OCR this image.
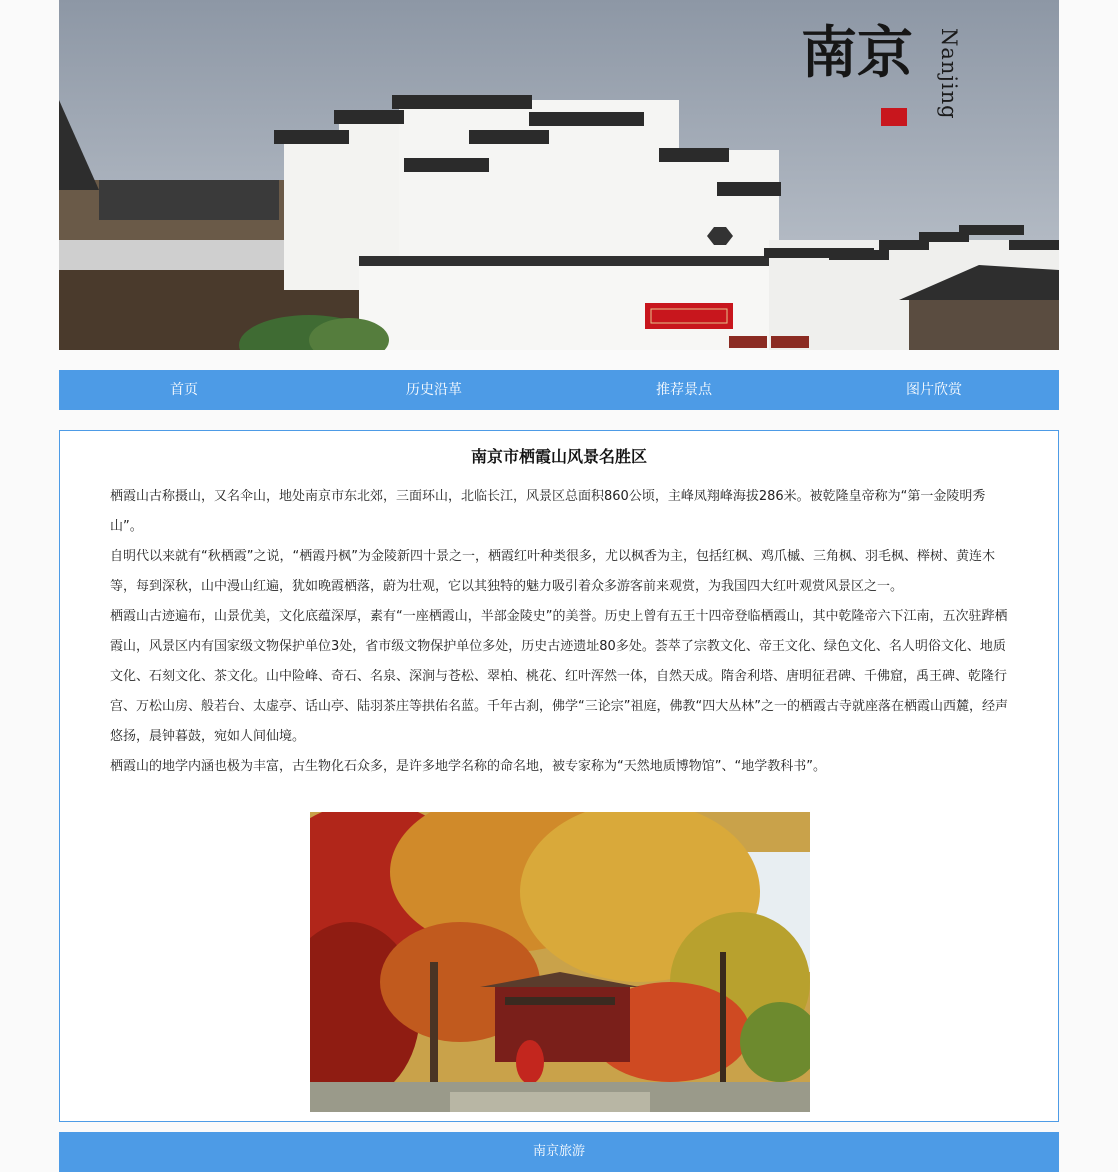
南京 Nanjing
首页	历史沿革	推荐景点	图片欣赏
南京市栖霞山风景名胜区

栖霞山古称摄山，又名伞山，地处南京市东北郊，三面环山，北临长江，风景区总面积860公顷，主峰凤翔峰海拔286米。被乾隆皇帝称为“第一金陵明秀山”。

自明代以来就有“秋栖霞”之说，“栖霞丹枫”为金陵新四十景之一，栖霞红叶种类很多，尤以枫香为主，包括红枫、鸡爪槭、三角枫、羽毛枫、榉树、黄连木等，每到深秋，山中漫山红遍，犹如晚霞栖落，蔚为壮观，它以其独特的魅力吸引着众多游客前来观赏，为我国四大红叶观赏风景区之一。

栖霞山古迹遍布，山景优美，文化底蕴深厚，素有“一座栖霞山，半部金陵史”的美誉。历史上曾有五王十四帝登临栖霞山，其中乾隆帝六下江南，五次驻跸栖霞山，风景区内有国家级文物保护单位3处，省市级文物保护单位多处，历史古迹遗址80多处。荟萃了宗教文化、帝王文化、绿色文化、名人明俗文化、地质文化、石刻文化、茶文化。山中险峰、奇石、名泉、深涧与苍松、翠柏、桃花、红叶浑然一体，自然天成。隋舍利塔、唐明征君碑、千佛窟，禹王碑、乾隆行宫、万松山房、般若台、太虚亭、话山亭、陆羽茶庄等拱佑名蓝。千年古刹，佛学“三论宗”祖庭，佛教“四大丛林”之一的栖霞古寺就座落在栖霞山西麓，经声悠扬，晨钟暮鼓，宛如人间仙境。

栖霞山的地学内涵也极为丰富，古生物化石众多，是许多地学名称的命名地，被专家称为“天然地质博物馆”、“地学教科书”。

南京旅游
